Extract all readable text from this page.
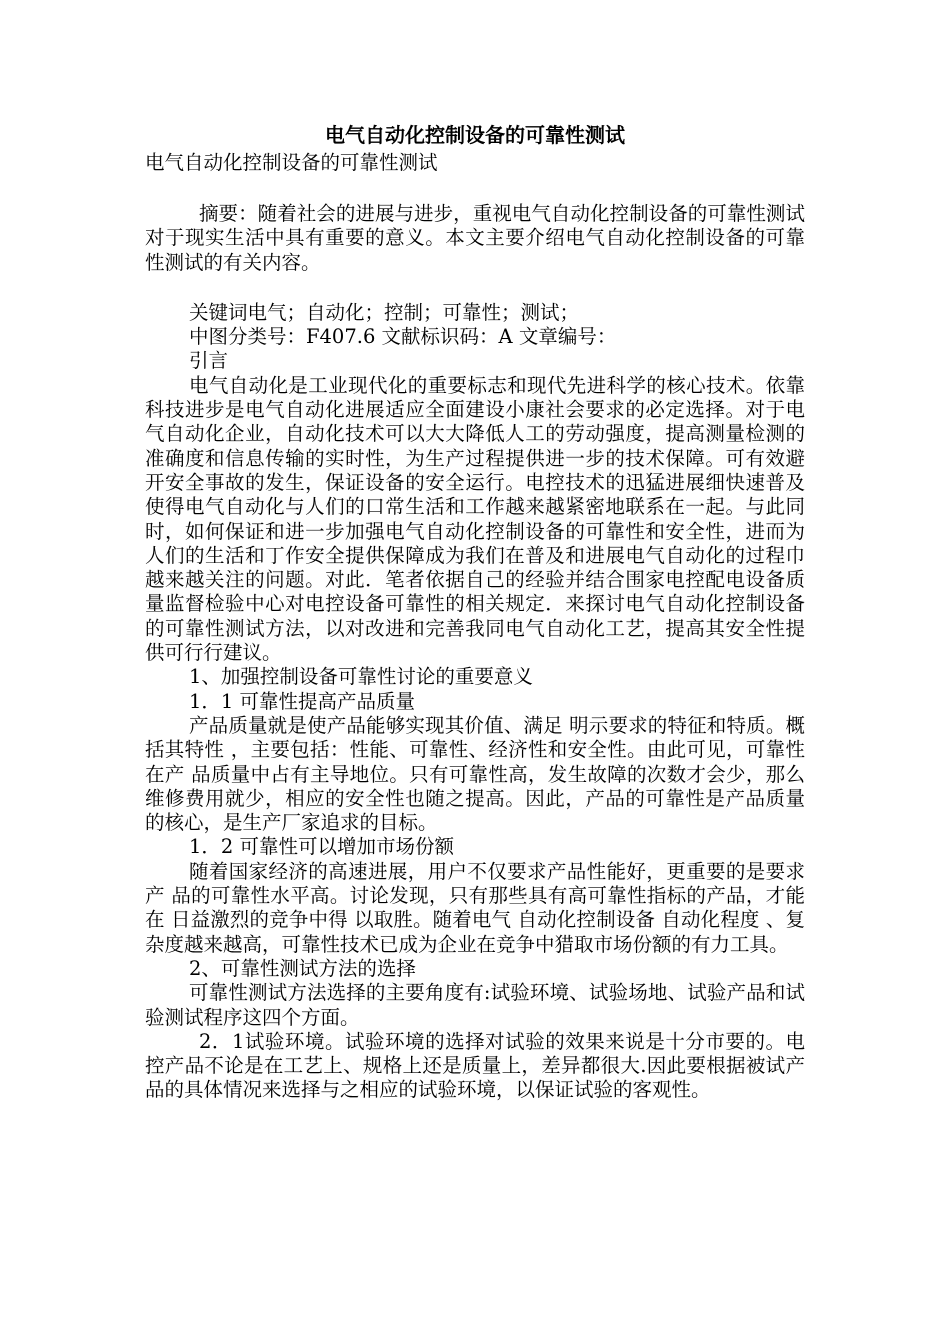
电气自动化控制设备的可靠性测试

电气自动化控制设备的可靠性测试

摘要：随着社会的进展与进步，重视电气自动化控制设备的可靠性测试对于现实生活中具有重要的意义。本文主要介绍电气自动化控制设备的可靠性测试的有关内容。

关键词电气；自动化；控制；可靠性；测试；

中图分类号：F407.6 文献标识码：A 文章编号：

引言

电气自动化是工业现代化的重要标志和现代先进科学的核心技术。依靠科技进步是电气自动化进展适应全面建设小康社会要求的必定选择。对于电气自动化企业，自动化技术可以大大降低人工的劳动强度，提高测量检测的准确度和信息传输的实时性，为生产过程提供进一步的技术保障。可有效避开安全事故的发生，保证设备的安全运行。电控技术的迅猛进展细快速普及使得电气自动化与人们的口常生活和工作越来越紧密地联系在一起。与此同时，如何保证和进一步加强电气自动化控制设备的可靠性和安全性，进而为人们的生活和丁作安全提供保障成为我们在普及和进展电气自动化的过程巾越来越关注的问题。对此．笔者依据自己的经验并结合围家电控配电设备质量监督检验中心对电控设备可靠性的相关规定．来探讨电气自动化控制设备的可靠性测试方法，以对改进和完善我同电气自动化工艺，提高其安全性提供可行行建议。

1、加强控制设备可靠性讨论的重要意义

1．1 可靠性提高产品质量

产品质量就是使产品能够实现其价值、满足 明示要求的特征和特质。概括其特性 ，主要包括：性能、可靠性、经济性和安全性。由此可见，可靠性在产 品质量中占有主导地位。只有可靠性高，发生故障的次数才会少，那么维修费用就少，相应的安全性也随之提高。因此，产品的可靠性是产品质量的核心，是生产厂家追求的目标。

1．2 可靠性可以增加市场份额

随着国家经济的高速进展，用户不仅要求产品性能好，更重要的是要求产 品的可靠性水平高。讨论发现，只有那些具有高可靠性指标的产品，才能在 日益激烈的竞争中得 以取胜。随着电气 自动化控制设备 自动化程度 、复杂度越来越高，可靠性技术已成为企业在竞争中猎取市场份额的有力工具。

2、可靠性测试方法的选择

可靠性测试方法选择的主要角度有:试验环境、试验场地、试验产品和试验测试程序这四个方面。

2．1试验环境。试验环境的选择对试验的效果来说是十分市要的。电控产品不论是在工艺上、规格上还是质量上，差异都很大.因此要根据被试产品的具体情况来选择与之相应的试验环境，以保证试验的客观性。
